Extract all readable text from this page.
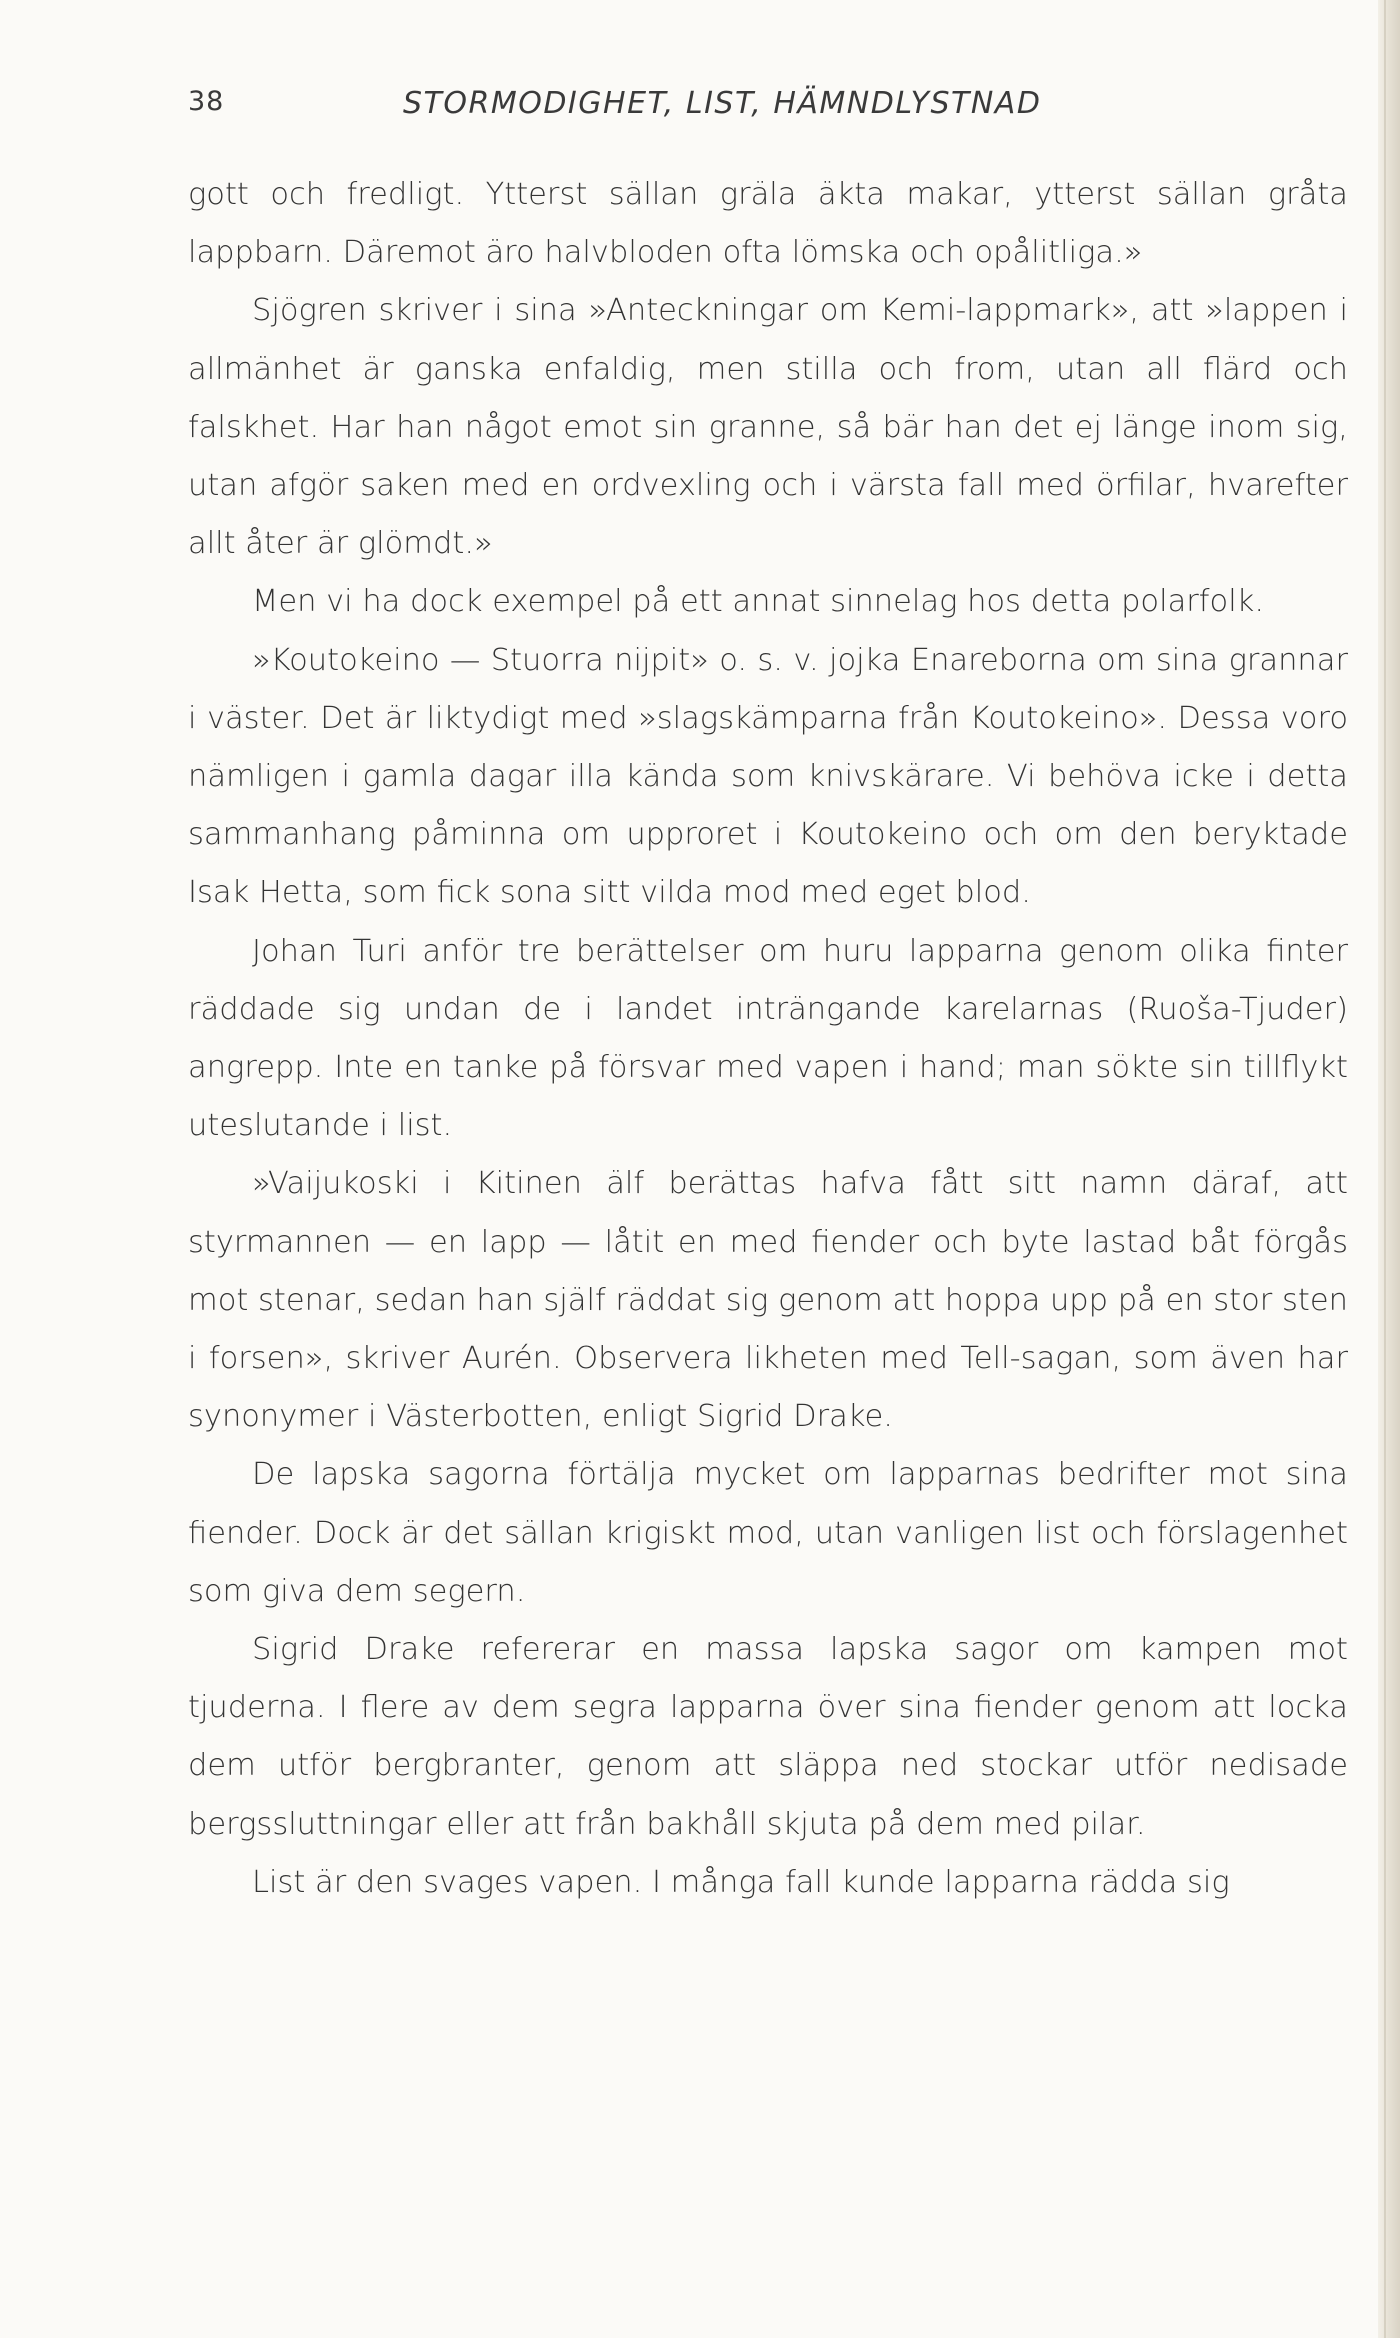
38	STORMODIGHET, LIST, HÄMNDLYSTNAD

gott och fredligt. Ytterst sällan gräla äkta makar, ytterst sällan gråta lappbarn. Däremot äro halvbloden ofta lömska och opålitliga.»

Sjögren skriver i sina »Anteckningar om Kemi-lappmark», att »lappen i allmänhet är ganska enfaldig, men stilla och from, utan all flärd och falskhet. Har han något emot sin granne, så bär han det ej länge inom sig, utan afgör saken med en ordvexling och i värsta fall med örfilar, hvarefter allt åter är glömdt.»

Men vi ha dock exempel på ett annat sinnelag hos detta polarfolk.

»Koutokeino — Stuorra nijpit» o. s. v. jojka Enareborna om sina grannar i väster. Det är liktydigt med »slagskämparna från Koutokeino». Dessa voro nämligen i gamla dagar illa kända som knivskärare. Vi behöva icke i detta sammanhang påminna om upproret i Koutokeino och om den beryktade Isak Hetta, som fick sona sitt vilda mod med eget blod.

Johan Turi anför tre berättelser om huru lapparna genom olika finter räddade sig undan de i landet inträngande karelarnas (Ruoša-Tjuder) angrepp. Inte en tanke på försvar med vapen i hand; man sökte sin tillflykt uteslutande i list.

»Vaijukoski i Kitinen älf berättas hafva fått sitt namn däraf, att styrmannen — en lapp — låtit en med fiender och byte lastad båt förgås mot stenar, sedan han själf räddat sig genom att hoppa upp på en stor sten i forsen», skriver Aurén. Observera likheten med Tell-sagan, som även har synonymer i Västerbotten, enligt Sigrid Drake.

De lapska sagorna förtälja mycket om lapparnas bedrifter mot sina fiender. Dock är det sällan krigiskt mod, utan vanligen list och förslagenhet som giva dem segern.

Sigrid Drake refererar en massa lapska sagor om kampen mot tjuderna. I flere av dem segra lapparna över sina fiender genom att locka dem utför bergbranter, genom att släppa ned stockar utför nedisade bergssluttningar eller att från bakhåll skjuta på dem med pilar.

List är den svages vapen. I många fall kunde lapparna rädda sig
